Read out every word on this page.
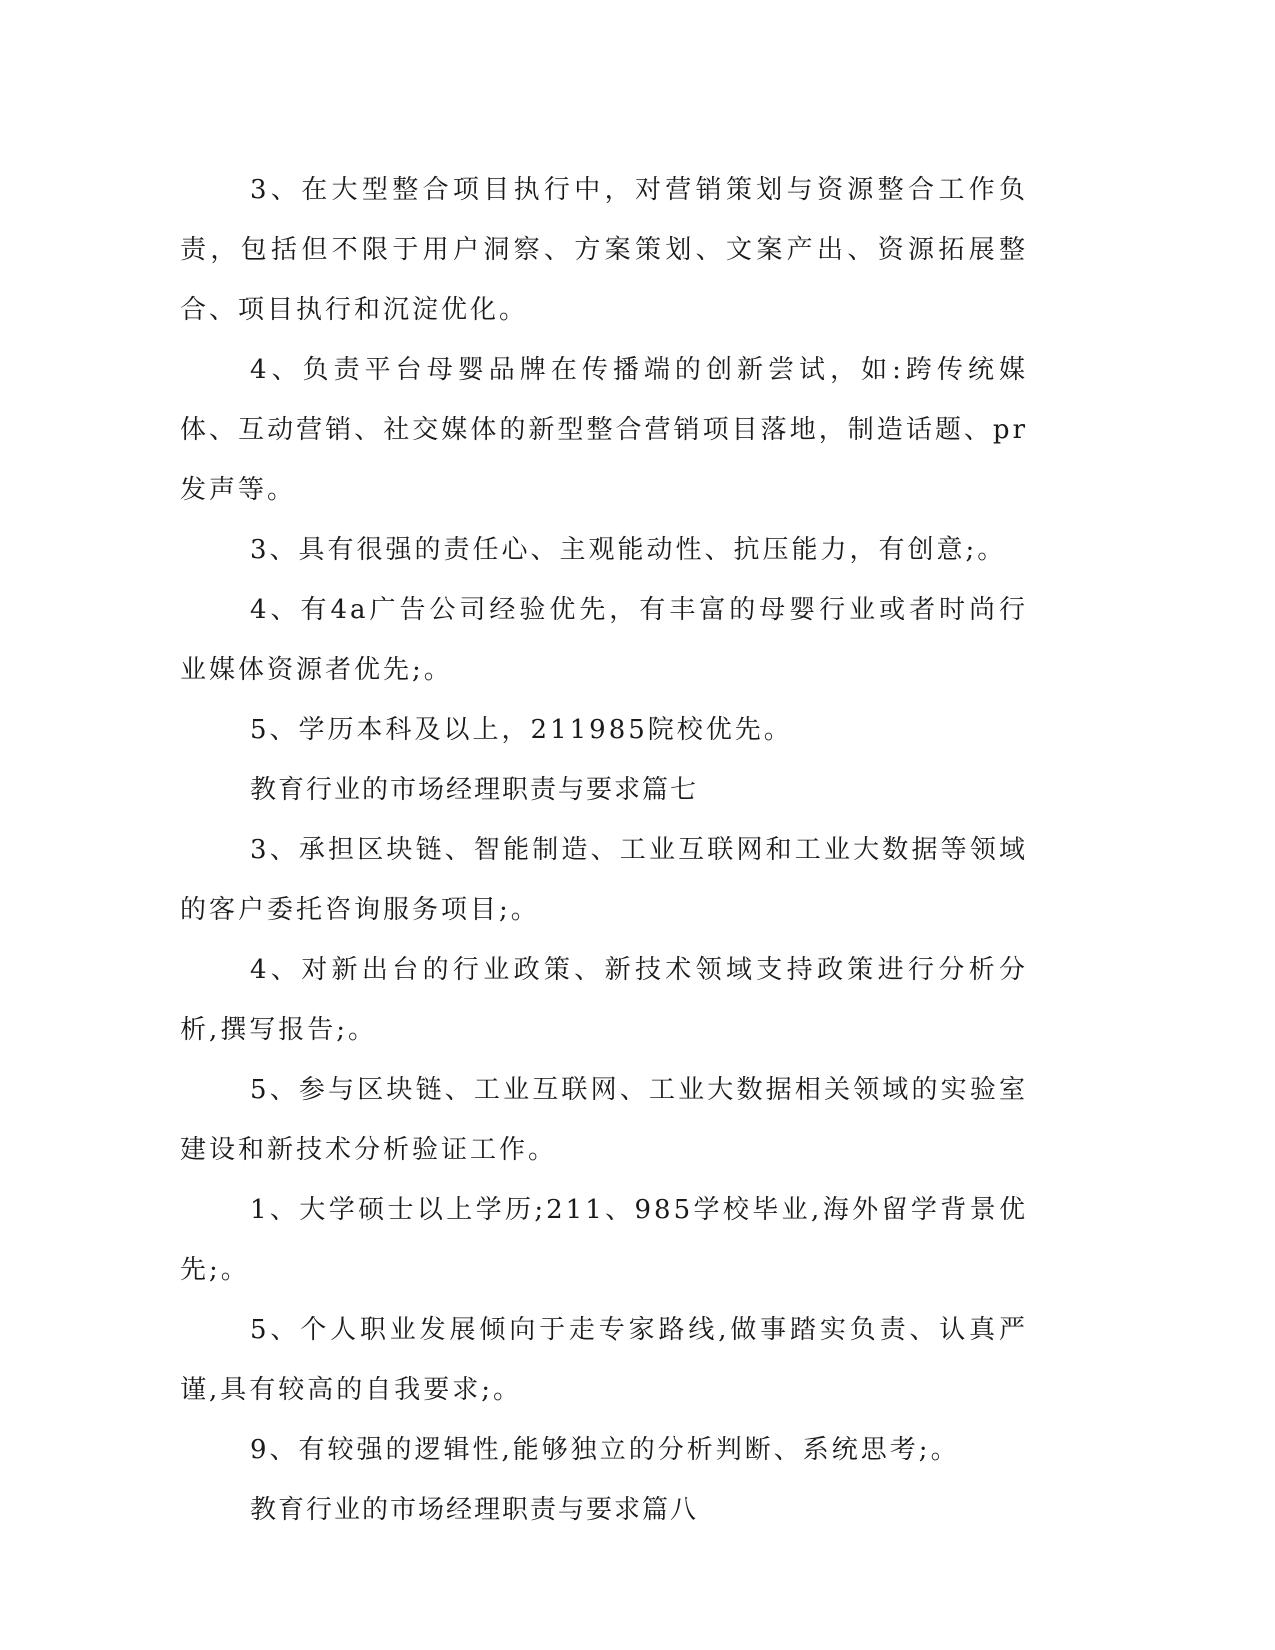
3、在大型整合项目执行中，对营销策划与资源整合工作负责，包括但不限于用户洞察、方案策划、文案产出、资源拓展整合、项目执行和沉淀优化。

4、负责平台母婴品牌在传播端的创新尝试，如:跨传统媒体、互动营销、社交媒体的新型整合营销项目落地，制造话题、pr发声等。

3、具有很强的责任心、主观能动性、抗压能力，有创意;。

4、有4a广告公司经验优先，有丰富的母婴行业或者时尚行业媒体资源者优先;。

5、学历本科及以上，211985院校优先。

教育行业的市场经理职责与要求篇七

3、承担区块链、智能制造、工业互联网和工业大数据等领域的客户委托咨询服务项目;。

4、对新出台的行业政策、新技术领域支持政策进行分析分析,撰写报告;。

5、参与区块链、工业互联网、工业大数据相关领域的实验室建设和新技术分析验证工作。

1、大学硕士以上学历;211、985学校毕业,海外留学背景优先;。

5、个人职业发展倾向于走专家路线,做事踏实负责、认真严谨,具有较高的自我要求;。

9、有较强的逻辑性,能够独立的分析判断、系统思考;。

教育行业的市场经理职责与要求篇八
